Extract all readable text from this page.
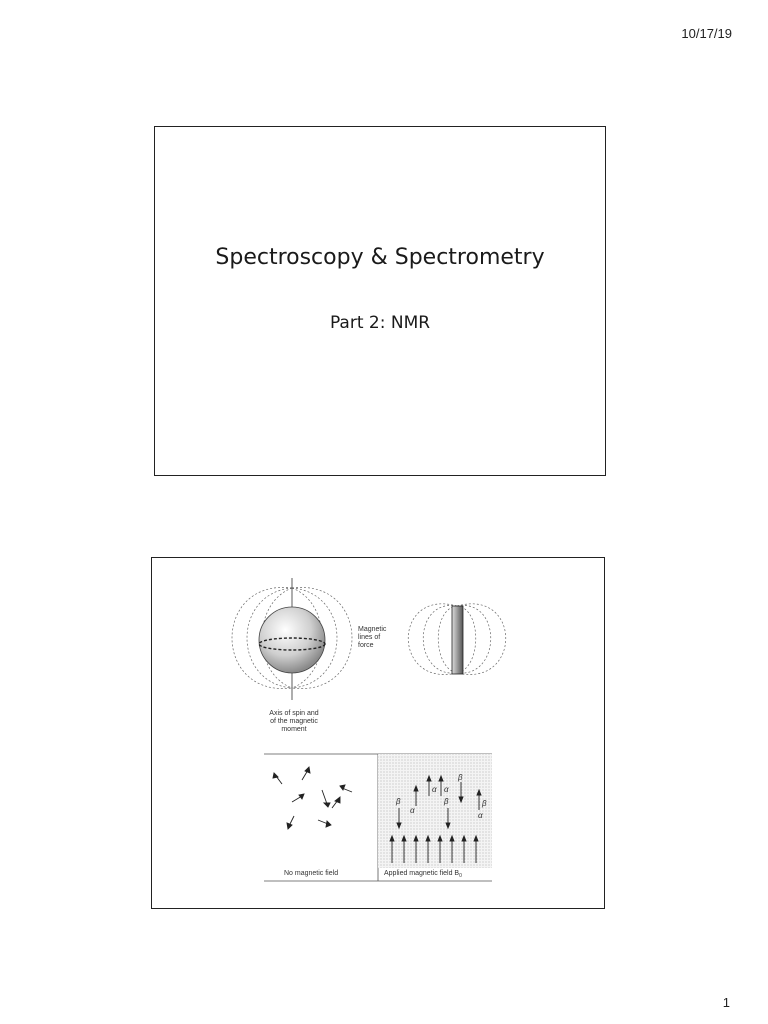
10/17/19
Spectroscopy & Spectrometry
Part 2: NMR
β
α α
β	β
α
β
α
No magnetic field	Applied magnetic field $B_0$
Magnetic
lines of
force
Axis of spin and
of the magnetic
moment
1
